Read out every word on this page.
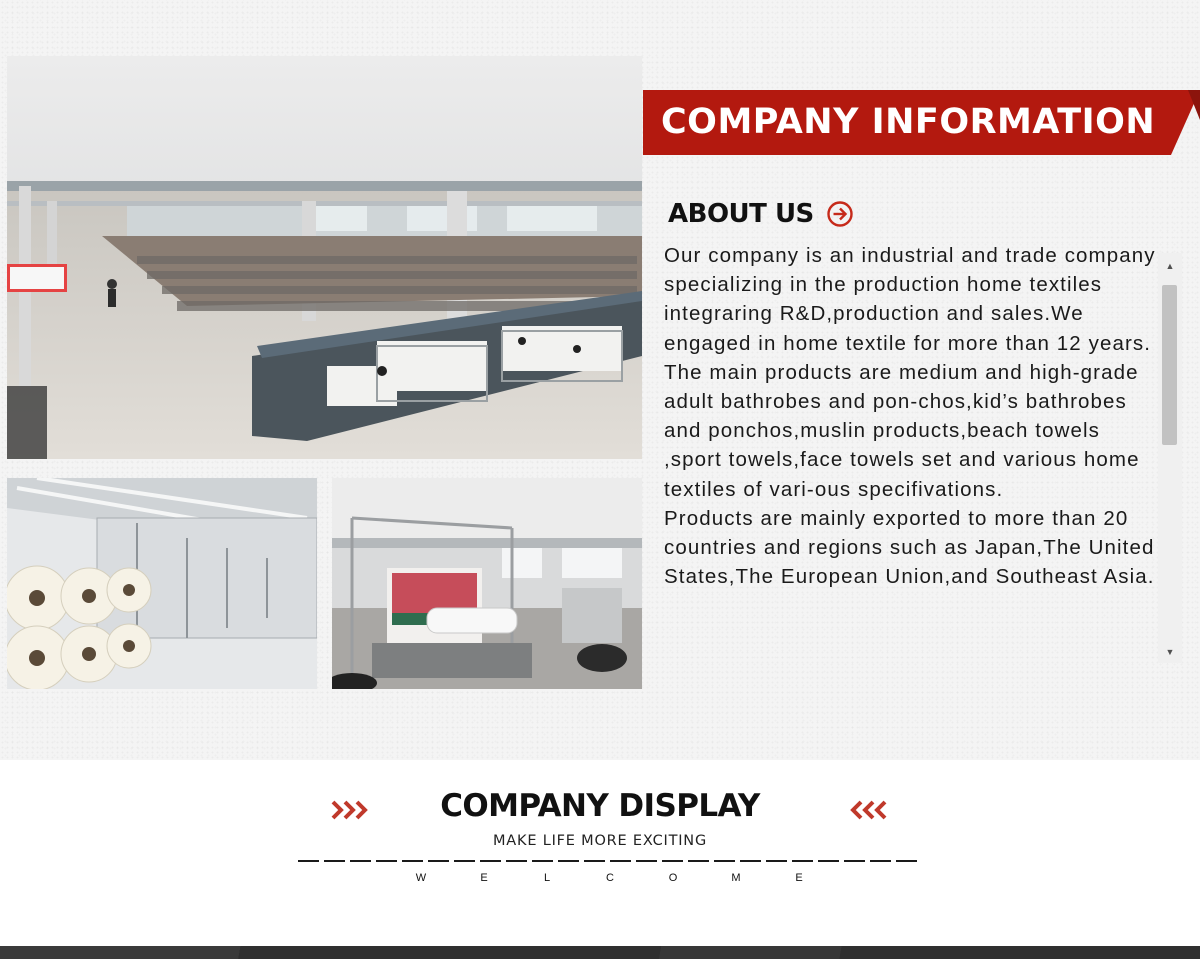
COMPANY INFORMATION
ABOUT US

Our company is an industrial and trade company specializing in the production home textiles integraring R&D,production and sales.We engaged in home textile for more than 12 years.

The main products are medium and high-grade adult bathrobes and pon-chos,kid’s bathrobes and ponchos,muslin products,beach towels ,sport towels,face towels set and various home textiles of vari-ous specifivations.

Products are mainly exported to more than 20 countries and regions such as Japan,The United States,The European Union,and Southeast Asia.

▲
▼
COMPANY DISPLAY
MAKE LIFE MORE EXCITING
W	E	L	C	O	M	E
